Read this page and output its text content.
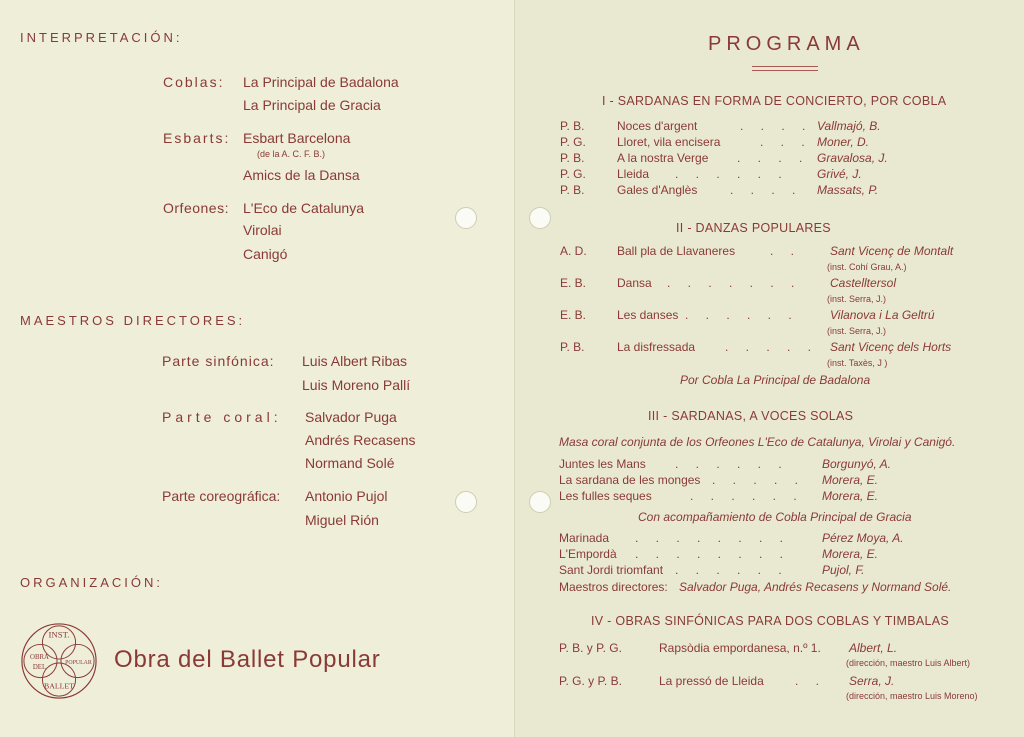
INTERPRETACIÓN:
Coblas: La Principal de Badalona
La Principal de Gracia
Esbarts: Esbart Barcelona
(de la A. C. F. B.)
Amics de la Dansa
Orfeones: L'Eco de Catalunya
Virolai
Canigó
MAESTROS DIRECTORES:
Parte sinfónica: Luis Albert Ribas
Luis Moreno Pallí
Parte coral: Salvador Puga
Andrés Recasens
Normand Solé
Parte coreográfica: Antonio Pujol
Miguel Rión
ORGANIZACIÓN:
INST.
OBRA
DEL
BALLET
POPULAR Obra del Ballet Popular
PROGRAMA
I - SARDANAS EN FORMA DE CONCIERTO, POR COBLA
P. B.	Noces d'argent	. . . . Vallmajó, B.
P. G.	Lloret, vila encisera	. . . Moner, D.
P. B.	A la nostra Verge . . . . Gravalosa, J.
P. G.	Lleida . . . . . . Grivé, J.
P. B.	Gales d'Anglès	. . . . Massats, P.
II - DANZAS POPULARES
A. D.	Ball pla de Llavaneres	. . Sant Vicenç de Montalt
(inst. Cohí Grau, A.)
E. B.	Dansa . . . . . . . Castelltersol
(inst. Serra, J.)
E. B.	Les danses . . . . . .	Vilanova i La Geltrú
(inst. Serra, J.)
P. B.	La disfressada . . . . . Sant Vicenç dels Horts
(inst. Taxès, J )
Por Cobla La Principal de Badalona
III - SARDANAS, A VOCES SOLAS
Masa coral conjunta de los Orfeones L'Eco de Catalunya, Virolai y Canigó.
Juntes les Mans . . . . . .	Borgunyó, A.
La sardana de les monges . . . . . Morera, E.
Les fulles seques	. . . . . . Morera, E.
Con acompañamiento de Cobla Principal de Gracia
Marinada . . . . . . . .	Pérez Moya, A.
L'Empordà . . . . . . . .	Morera, E.
Sant Jordi triomfant . . . . . .	Pujol, F.
Maestros directores: Salvador Puga, Andrés Recasens y Normand Solé.
IV - OBRAS SINFÓNICAS PARA DOS COBLAS Y TIMBALAS
P. B. y P. G.	Rapsòdia empordanesa, n.º 1. Albert, L.
(dirección, maestro Luis Albert)
P. G. y P. B.	La pressó de Lleida	. . Serra, J.
(dirección, maestro Luis Moreno)
